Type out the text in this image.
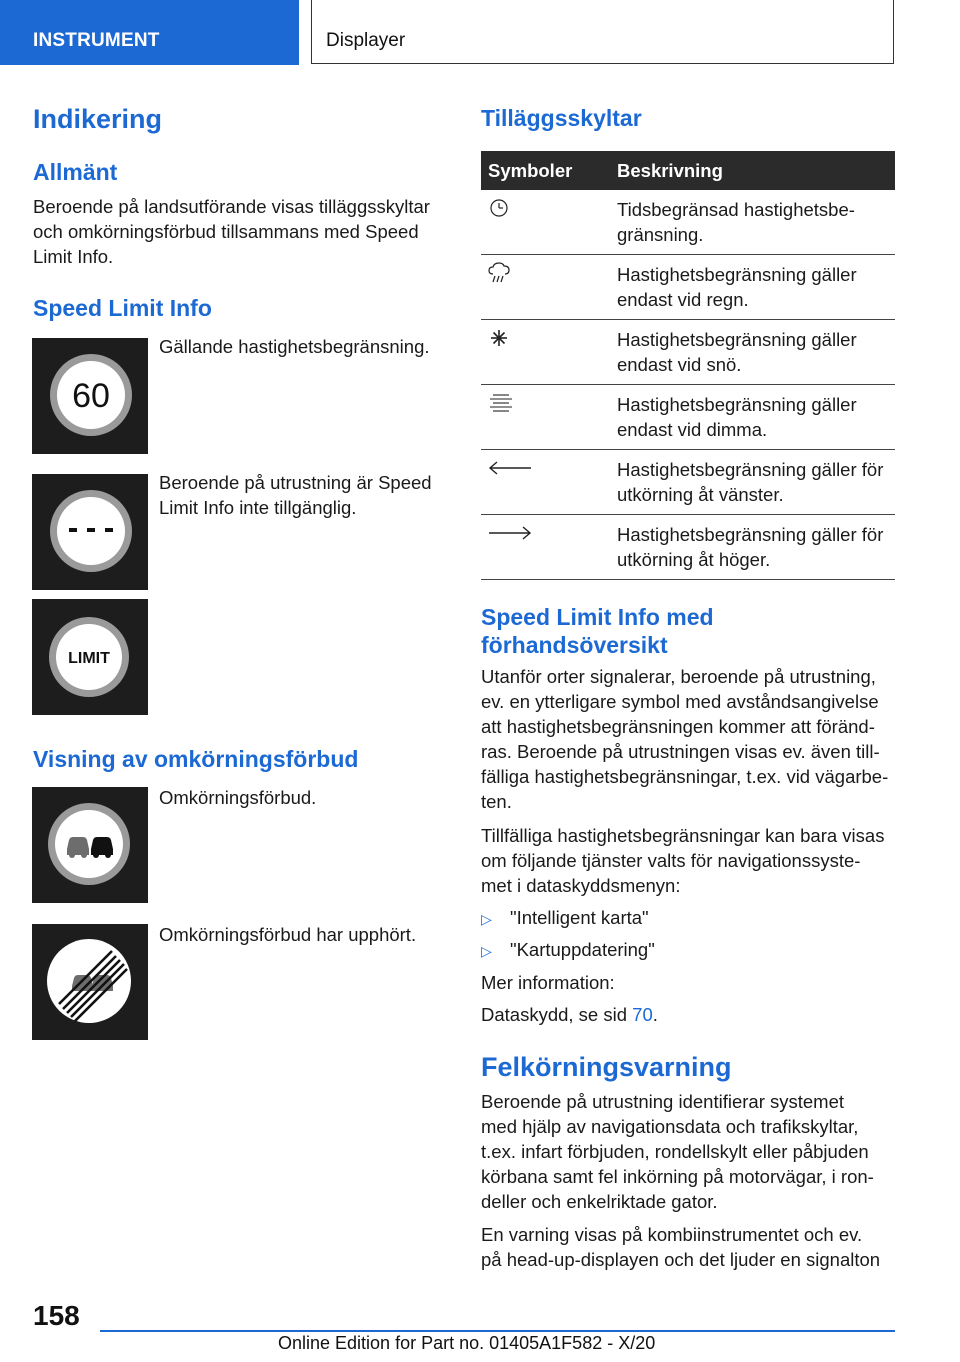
INSTRUMENT	Displayer
Indikering
Allmänt
Beroende på landsutförande visas tilläggsskyltar
och omkörningsförbud tillsammans med Speed
Limit Info.
Speed Limit Info
60
Gällande hastighetsbegränsning.
Beroende på utrustning är Speed
Limit Info inte tillgänglig.
LIMIT
Visning av omkörningsförbud
Omkörningsförbud.
Omkörningsförbud har upphört.
Tilläggsskyltar
Symboler	Beskrivning

Tidsbegränsad hastighetsbe-
gränsning.

Hastighetsbegränsning gäller
endast vid regn.

Hastighetsbegränsning gäller
endast vid snö.

Hastighetsbegränsning gäller
endast vid dimma.

Hastighetsbegränsning gäller för
utkörning åt vänster.

Hastighetsbegränsning gäller för
utkörning åt höger.
Speed Limit Info med
förhandsöversikt
Utanför orter signalerar, beroende på utrustning,
ev. en ytterligare symbol med avståndsangivelse
att hastighetsbegränsningen kommer att föränd-
ras. Beroende på utrustningen visas ev. även till-
fälliga hastighetsbegränsningar, t.ex. vid vägarbe-
ten.
Tillfälliga hastighetsbegränsningar kan bara visas
om följande tjänster valts för navigationssyste-
met i dataskyddsmenyn:
▷ "Intelligent karta"
▷ "Kartuppdatering"
Mer information:
Dataskydd, se sid 70.
Felkörningsvarning
Beroende på utrustning identifierar systemet
med hjälp av navigationsdata och trafikskyltar,
t.ex. infart förbjuden, rondellskylt eller påbjuden
körbana samt fel inkörning på motorvägar, i ron-
deller och enkelriktade gator.
En varning visas på kombiinstrumentet och ev.
på head-up-displayen och det ljuder en signalton
158
Online Edition for Part no. 01405A1F582 - X/20
